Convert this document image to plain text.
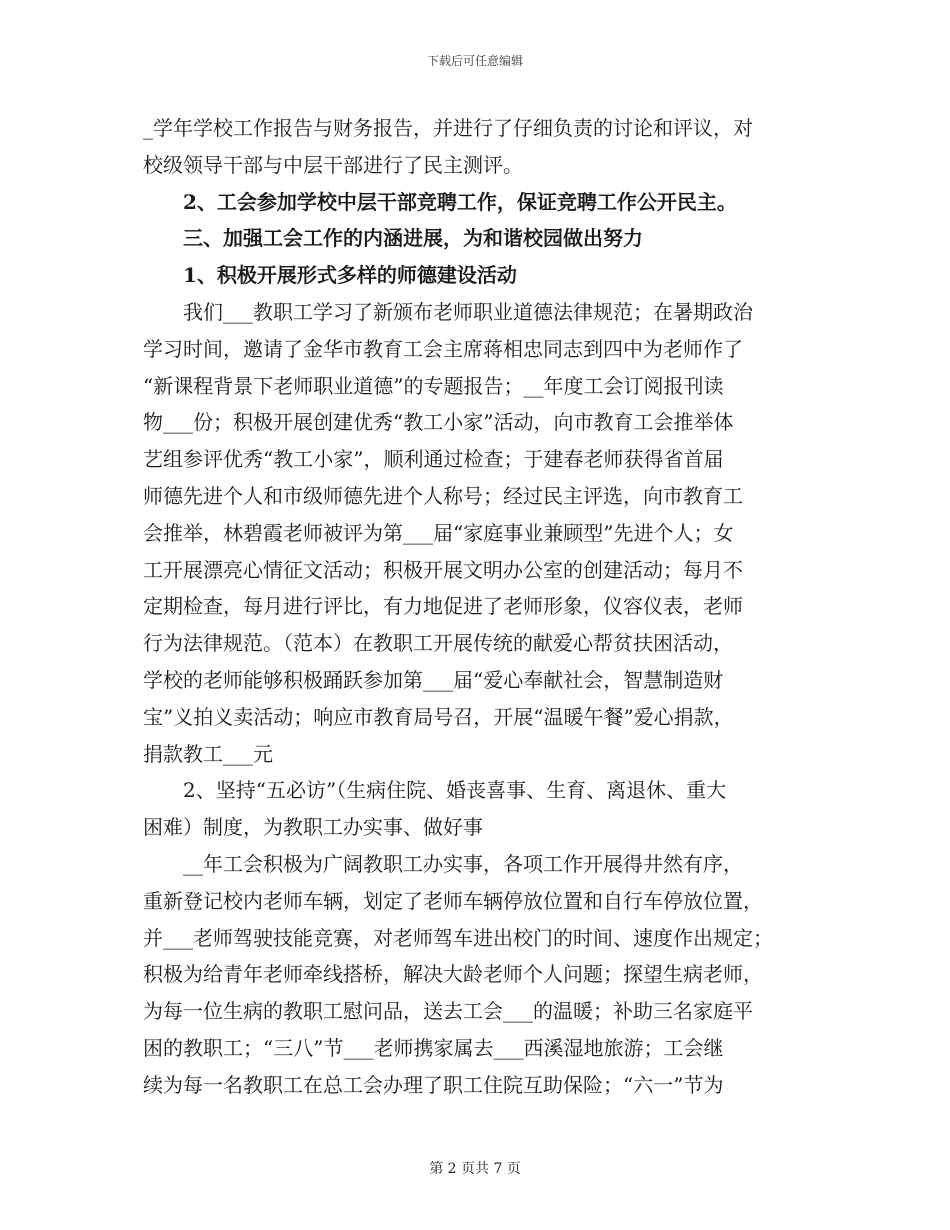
下载后可任意编辑
_学年学校工作报告与财务报告，并进行了仔细负责的讨论和评议，对
校级领导干部与中层干部进行了民主测评。
2、工会参加学校中层干部竞聘工作，保证竞聘工作公开民主。
三、加强工会工作的内涵进展，为和谐校园做出努力
1、积极开展形式多样的师德建设活动
我们___教职工学习了新颁布老师职业道德法律规范；在暑期政治
学习时间，邀请了金华市教育工会主席蒋相忠同志到四中为老师作了
“新课程背景下老师职业道德”的专题报告；__年度工会订阅报刊读
物___份；积极开展创建优秀“教工小家”活动，向市教育工会推举体
艺组参评优秀“教工小家”，顺利通过检查；于建春老师获得省首届
师德先进个人和市级师德先进个人称号；经过民主评选，向市教育工
会推举，林碧霞老师被评为第___届“家庭事业兼顾型”先进个人；女
工开展漂亮心情征文活动；积极开展文明办公室的创建活动；每月不
定期检查，每月进行评比，有力地促进了老师形象，仪容仪表，老师
行为法律规范。（范本）在教职工开展传统的献爱心帮贫扶困活动，
学校的老师能够积极踊跃参加第___届“爱心奉献社会，智慧制造财
宝”义拍义卖活动；响应市教育局号召，开展“温暖午餐”爱心捐款，
捐款教工___元
2、坚持“五必访”（生病住院、婚丧喜事、生育、离退休、重大
困难）制度，为教职工办实事、做好事
__年工会积极为广阔教职工办实事，各项工作开展得井然有序，
重新登记校内老师车辆，划定了老师车辆停放位置和自行车停放位置，
并___老师驾驶技能竞赛，对老师驾车进出校门的时间、速度作出规定；
积极为给青年老师牵线搭桥，解决大龄老师个人问题；探望生病老师，
为每一位生病的教职工慰问品，送去工会___的温暖；补助三名家庭平
困的教职工；“三八”节___老师携家属去___西溪湿地旅游；工会继
续为每一名教职工在总工会办理了职工住院互助保险；“六一”节为
第 2 页共 7 页
